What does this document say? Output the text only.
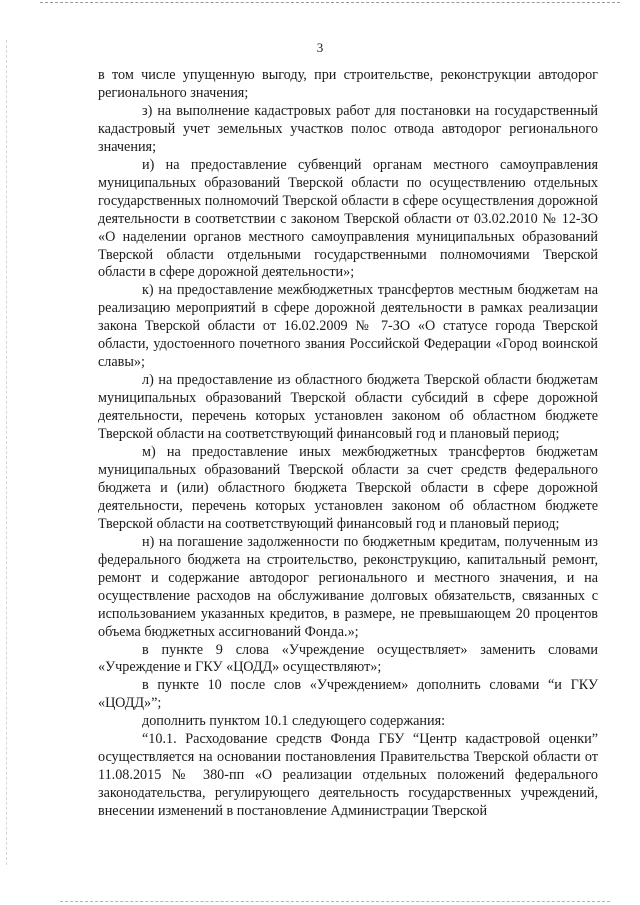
3

в том числе упущенную выгоду, при строительстве, реконструкции автодорог регионального значения;

з) на выполнение кадастровых работ для постановки на государственный кадастровый учет земельных участков полос отвода автодорог регионального значения;

и) на предоставление субвенций органам местного самоуправления муниципальных образований Тверской области по осуществлению отдельных государственных полномочий Тверской области в сфере осуществления дорожной деятельности в соответствии с законом Тверской области от 03.02.2010 № 12-ЗО «О наделении органов местного самоуправления муниципальных образований Тверской области отдельными государственными полномочиями Тверской области в сфере дорожной деятельности»;

к) на предоставление межбюджетных трансфертов местным бюджетам на реализацию мероприятий в сфере дорожной деятельности в рамках реализации закона Тверской области от 16.02.2009 № 7-ЗО «О статусе города Тверской области, удостоенного почетного звания Российской Федерации «Город воинской славы»;

л) на предоставление из областного бюджета Тверской области бюджетам муниципальных образований Тверской области субсидий в сфере дорожной деятельности, перечень которых установлен законом об областном бюджете Тверской области на соответствующий финансовый год и плановый период;

м) на предоставление иных межбюджетных трансфертов бюджетам муниципальных образований Тверской области за счет средств федерального бюджета и (или) областного бюджета Тверской области в сфере дорожной деятельности, перечень которых установлен законом об областном бюджете Тверской области на соответствующий финансовый год и плановый период;

н) на погашение задолженности по бюджетным кредитам, полученным из федерального бюджета на строительство, реконструкцию, капитальный ремонт, ремонт и содержание автодорог регионального и местного значения, и на осуществление расходов на обслуживание долговых обязательств, связанных с использованием указанных кредитов, в размере, не превышающем 20 процентов объема бюджетных ассигнований Фонда.»;

в пункте 9 слова «Учреждение осуществляет» заменить словами «Учреждение и ГКУ «ЦОДД» осуществляют»;

в пункте 10 после слов «Учреждением» дополнить словами “и ГКУ «ЦОДД»”;

дополнить пунктом 10.1 следующего содержания:

“10.1. Расходование средств Фонда ГБУ “Центр кадастровой оценки” осуществляется на основании постановления Правительства Тверской области от 11.08.2015 № 380-пп «О реализации отдельных положений федерального законодательства, регулирующего деятельность государственных учреждений, внесении изменений в постановление Администрации Тверской
